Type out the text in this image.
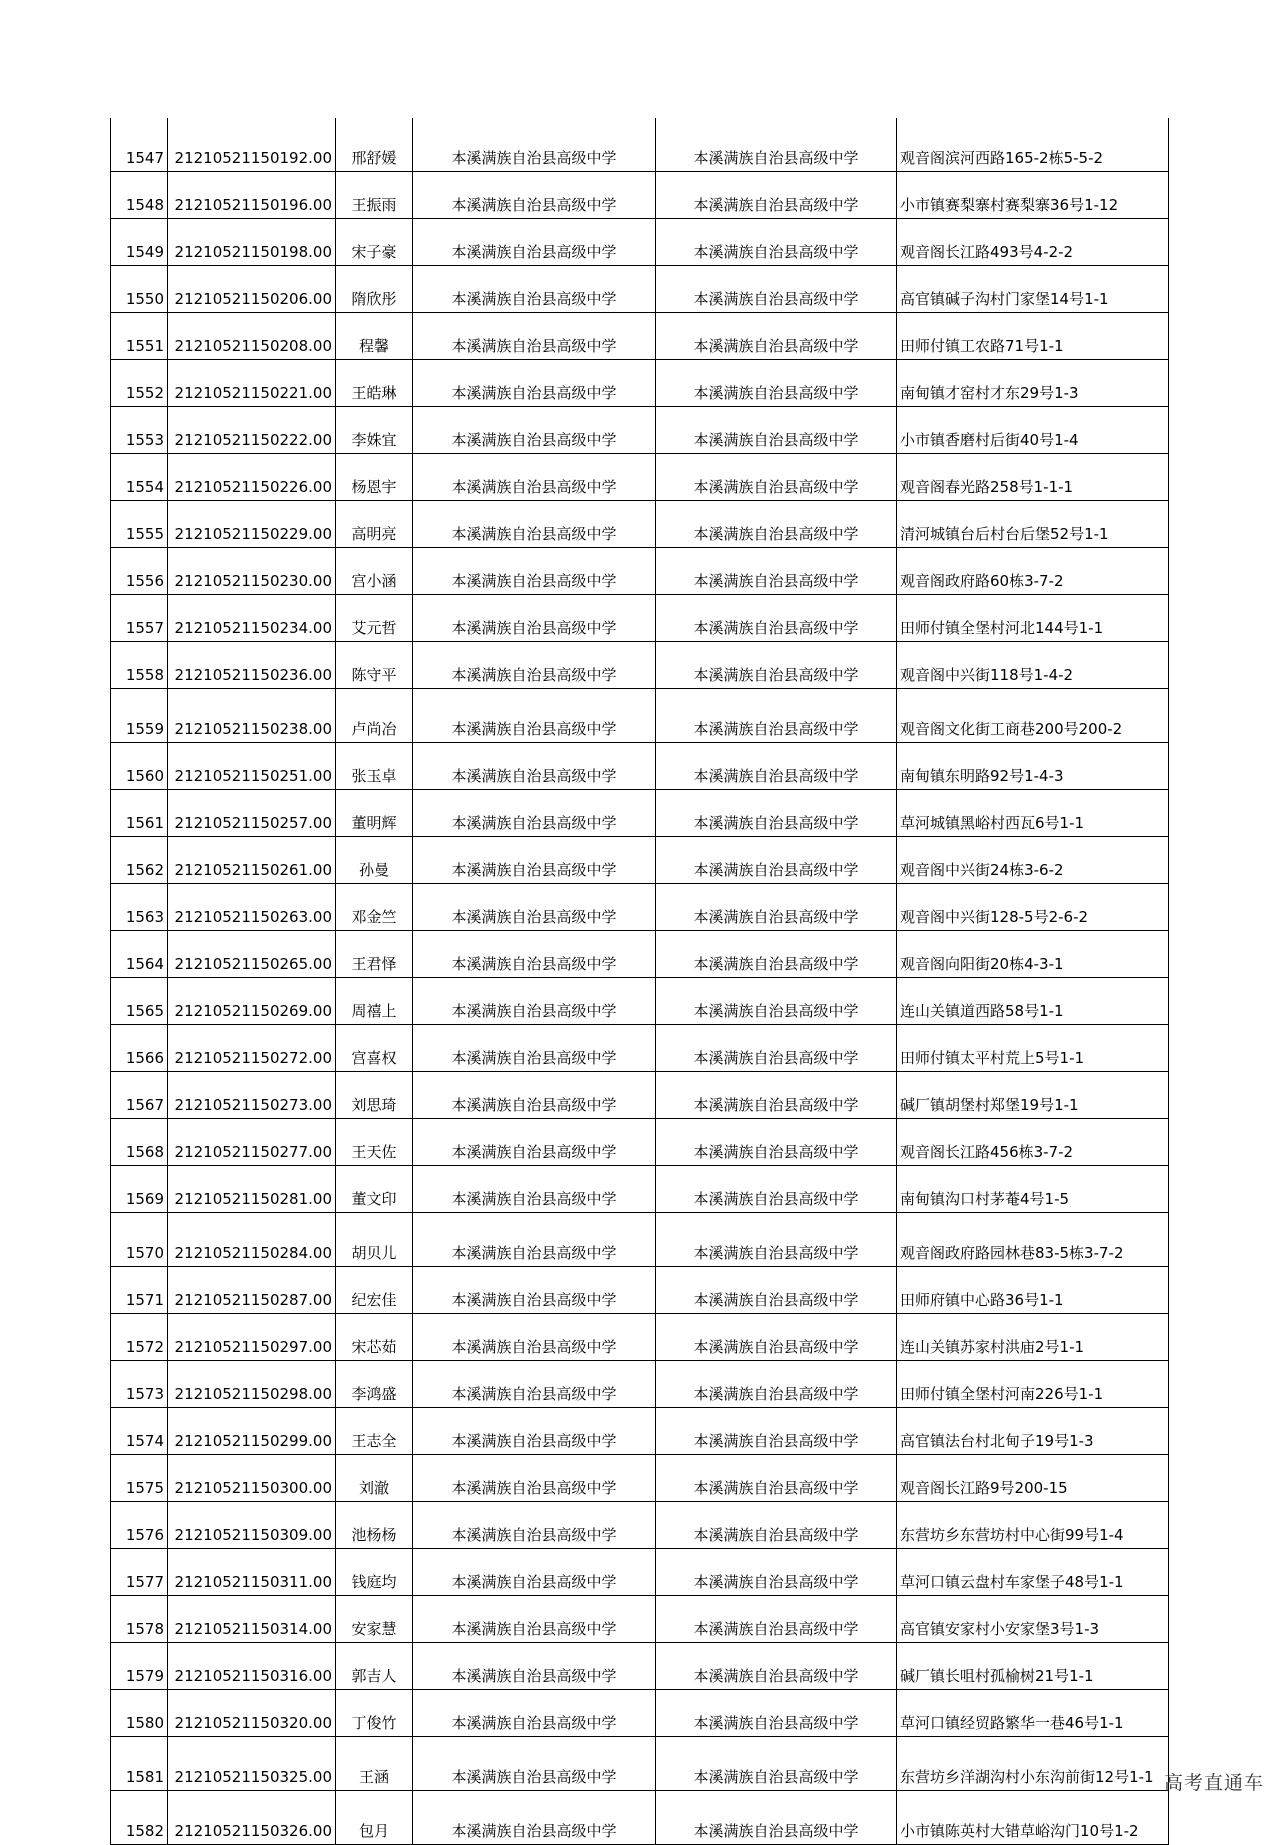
1547	21210521150192.00	邢舒媛	本溪满族自治县高级中学	本溪满族自治县高级中学	观音阁滨河西路165-2栋5-5-2
1548	21210521150196.00	王振雨	本溪满族自治县高级中学	本溪满族自治县高级中学	小市镇赛梨寨村赛梨寨36号1-12
1549	21210521150198.00	宋子豪	本溪满族自治县高级中学	本溪满族自治县高级中学	观音阁长江路493号4-2-2
1550	21210521150206.00	隋欣彤	本溪满族自治县高级中学	本溪满族自治县高级中学	高官镇碱子沟村门家堡14号1-1
1551	21210521150208.00	程馨	本溪满族自治县高级中学	本溪满族自治县高级中学	田师付镇工农路71号1-1
1552	21210521150221.00	王皓琳	本溪满族自治县高级中学	本溪满族自治县高级中学	南甸镇才窑村才东29号1-3
1553	21210521150222.00	李姝宜	本溪满族自治县高级中学	本溪满族自治县高级中学	小市镇香磨村后街40号1-4
1554	21210521150226.00	杨恩宇	本溪满族自治县高级中学	本溪满族自治县高级中学	观音阁春光路258号1-1-1
1555	21210521150229.00	高明亮	本溪满族自治县高级中学	本溪满族自治县高级中学	清河城镇台后村台后堡52号1-1
1556	21210521150230.00	宫小涵	本溪满族自治县高级中学	本溪满族自治县高级中学	观音阁政府路60栋3-7-2
1557	21210521150234.00	艾元哲	本溪满族自治县高级中学	本溪满族自治县高级中学	田师付镇全堡村河北144号1-1
1558	21210521150236.00	陈守平	本溪满族自治县高级中学	本溪满族自治县高级中学	观音阁中兴街118号1-4-2
1559	21210521150238.00	卢尚冶	本溪满族自治县高级中学	本溪满族自治县高级中学	观音阁文化街工商巷200号200-2
1560	21210521150251.00	张玉卓	本溪满族自治县高级中学	本溪满族自治县高级中学	南甸镇东明路92号1-4-3
1561	21210521150257.00	董明辉	本溪满族自治县高级中学	本溪满族自治县高级中学	草河城镇黑峪村西瓦6号1-1
1562	21210521150261.00	孙曼	本溪满族自治县高级中学	本溪满族自治县高级中学	观音阁中兴街24栋3-6-2
1563	21210521150263.00	邓金竺	本溪满族自治县高级中学	本溪满族自治县高级中学	观音阁中兴街128-5号2-6-2
1564	21210521150265.00	王君怿	本溪满族自治县高级中学	本溪满族自治县高级中学	观音阁向阳街20栋4-3-1
1565	21210521150269.00	周禧上	本溪满族自治县高级中学	本溪满族自治县高级中学	连山关镇道西路58号1-1
1566	21210521150272.00	宫喜权	本溪满族自治县高级中学	本溪满族自治县高级中学	田师付镇太平村荒上5号1-1
1567	21210521150273.00	刘思琦	本溪满族自治县高级中学	本溪满族自治县高级中学	碱厂镇胡堡村郑堡19号1-1
1568	21210521150277.00	王天佐	本溪满族自治县高级中学	本溪满族自治县高级中学	观音阁长江路456栋3-7-2
1569	21210521150281.00	董文印	本溪满族自治县高级中学	本溪满族自治县高级中学	南甸镇沟口村茅菴4号1-5
1570	21210521150284.00	胡贝儿	本溪满族自治县高级中学	本溪满族自治县高级中学	观音阁政府路园林巷83-5栋3-7-2
1571	21210521150287.00	纪宏佳	本溪满族自治县高级中学	本溪满族自治县高级中学	田师府镇中心路36号1-1
1572	21210521150297.00	宋芯茹	本溪满族自治县高级中学	本溪满族自治县高级中学	连山关镇苏家村洪庙2号1-1
1573	21210521150298.00	李鸿盛	本溪满族自治县高级中学	本溪满族自治县高级中学	田师付镇全堡村河南226号1-1
1574	21210521150299.00	王志全	本溪满族自治县高级中学	本溪满族自治县高级中学	高官镇法台村北甸子19号1-3
1575	21210521150300.00	刘澈	本溪满族自治县高级中学	本溪满族自治县高级中学	观音阁长江路9号200-15
1576	21210521150309.00	池杨杨	本溪满族自治县高级中学	本溪满族自治县高级中学	东营坊乡东营坊村中心街99号1-4
1577	21210521150311.00	钱庭均	本溪满族自治县高级中学	本溪满族自治县高级中学	草河口镇云盘村车家堡子48号1-1
1578	21210521150314.00	安家慧	本溪满族自治县高级中学	本溪满族自治县高级中学	高官镇安家村小安家堡3号1-3
1579	21210521150316.00	郭吉人	本溪满族自治县高级中学	本溪满族自治县高级中学	碱厂镇长咀村孤榆树21号1-1
1580	21210521150320.00	丁俊竹	本溪满族自治县高级中学	本溪满族自治县高级中学	草河口镇经贸路繁华一巷46号1-1
1581	21210521150325.00	王涵	本溪满族自治县高级中学	本溪满族自治县高级中学	东营坊乡洋湖沟村小东沟前街12号1-1
1582	21210521150326.00	包月	本溪满族自治县高级中学	本溪满族自治县高级中学	小市镇陈英村大错草峪沟门10号1-2
高考直通车
